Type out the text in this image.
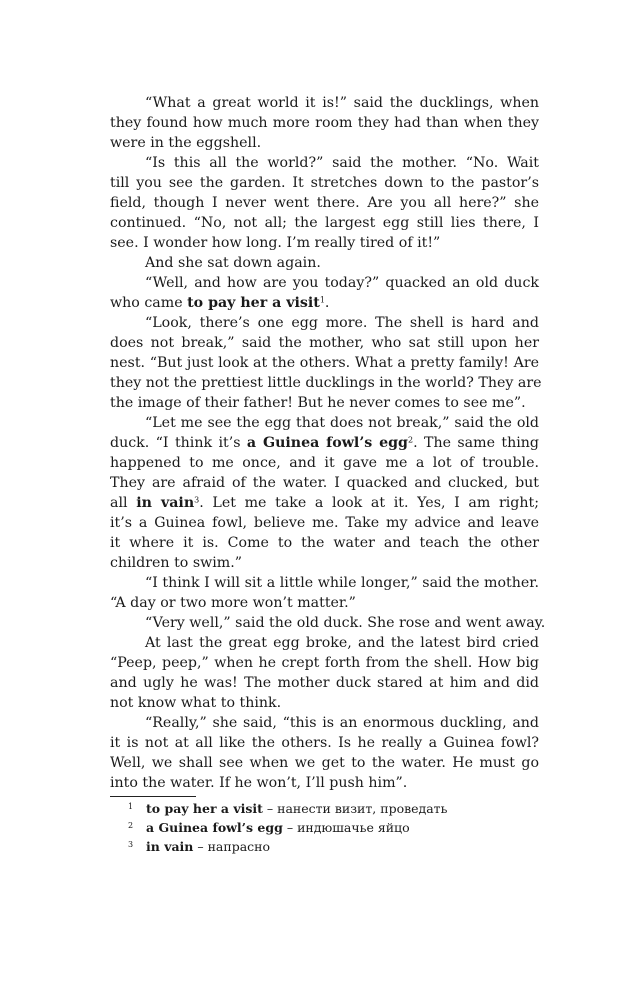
“What a great world it is!” said the ducklings, when
they found how much more room they had than when they
were in the eggshell.
“Is this all the world?” said the mother. “No. Wait
till you see the garden. It stretches down to the pastor’s
field, though I never went there. Are you all here?” she
continued. “No, not all; the largest egg still lies there, I
see. I wonder how long. I’m really tired of it!”
And she sat down again.
“Well, and how are you today?” quacked an old duck
who came to pay her a visit$^1$.
“Look, there’s one egg more. The shell is hard and
does not break,” said the mother, who sat still upon her
nest. “But just look at the others. What a pretty family! Are
they not the prettiest little ducklings in the world? They are
the image of their father! But he never comes to see me”.
“Let me see the egg that does not break,” said the old
duck. “I think it’s a Guinea fowl’s egg$^2$. The same thing
happened to me once, and it gave me a lot of trouble.
They are afraid of the water. I quacked and clucked, but
all in vain$^3$. Let me take a look at it. Yes, I am right;
it’s a Guinea fowl, believe me. Take my advice and leave
it where it is. Come to the water and teach the other
children to swim.”
“I think I will sit a little while longer,” said the mother.
“A day or two more won’t matter.”
“Very well,” said the old duck. She rose and went away.
At last the great egg broke, and the latest bird cried
“Peep, peep,” when he crept forth from the shell. How big
and ugly he was! The mother duck stared at him and did
not know what to think.
“Really,” she said, “this is an enormous duckling, and
it is not at all like the others. Is he really a Guinea fowl?
Well, we shall see when we get to the water. He must go
into the water. If he won’t, I’ll push him”.
1 to pay her a visit – нанести визит, проведать
2 a Guinea fowl’s egg – индюшачье яйцо
3 in vain – напрасно
